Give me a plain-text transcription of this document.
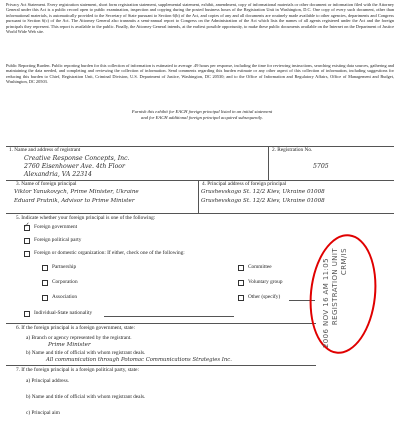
Privacy Act Statement. Every registration statement, short form registration statement, supplemental statement, exhibit, amendment, copy of informational materials or other document or information filed with the Attorney General under this Act is a public record open to public examination, inspection and copying during the posted business hours of the Registration Unit in Washington, D.C. One copy of every such document, other than informational materials, is automatically provided to the Secretary of State pursuant to Section 6(b) of the Act, and copies of any and all documents are routinely made available to other agencies, departments and Congress pursuant to Section 6(c) of the Act. The Attorney General also transmits a semi-annual report to Congress on the Administration of the Act which lists the names of all agents registered under the Act and the foreign principals they represent. This report is available to the public. Finally, the Attorney General intends, at the earliest possible opportunity, to make these public documents available on the Internet on the Department of Justice World Wide Web site.
Public Reporting Burden. Public reporting burden for this collection of information is estimated to average .49 hours per response, including the time for reviewing instructions, searching existing data sources, gathering and maintaining the data needed, and completing and reviewing the collection of information. Send comments regarding this burden estimate or any other aspect of this collection of information, including suggestions for reducing this burden to Chief, Registration Unit, Criminal Division, U.S. Department of Justice, Washington, DC 20530; and to the Office of Information and Regulatory Affairs, Office of Management and Budget, Washington, DC 20503.
Furnish this exhibit for EACH foreign principal listed in an initial statement
and for EACH additional foreign principal acquired subsequently.
1. Name and address of registrant
Creative Response Concepts, Inc.
2760 Eisenhower Ave. 4th Floor
Alexandria, VA 22314
2. Registration No.
5705
3. Name of foreign principal
Viktor Yanukovych, Prime Minister, Ukraine
Eduard Prutnik, Advisor to Prime Minister
4. Principal address of foreign principal
Grushevskogo St. 12/2 Kiev, Ukraine 01008
Grushevskogo St. 12/2 Kiev, Ukraine 01008
5. Indicate whether your foreign principal is one of the following:
✓ Foreign government
Foreign political party
Foreign or domestic organization: If either, check one of the following:
Partnership	Committee
Corporation	Voluntary group
Association	Other (specify)
Individual-State nationality
6. If the foreign principal is a foreign government, state:
a) Branch or agency represented by the registrant.
Prime Minister
b) Name and title of official with whom registrant deals.
All communication through Potomac Communications Strategies Inc.
7. If the foreign principal is a foreign political party, state:
a) Principal address.
b) Name and title of official with whom registrant deals.
c) Principal aim
CRM/IS
REGISTRATION UNIT
2006 NOV 16 AM 11:05
